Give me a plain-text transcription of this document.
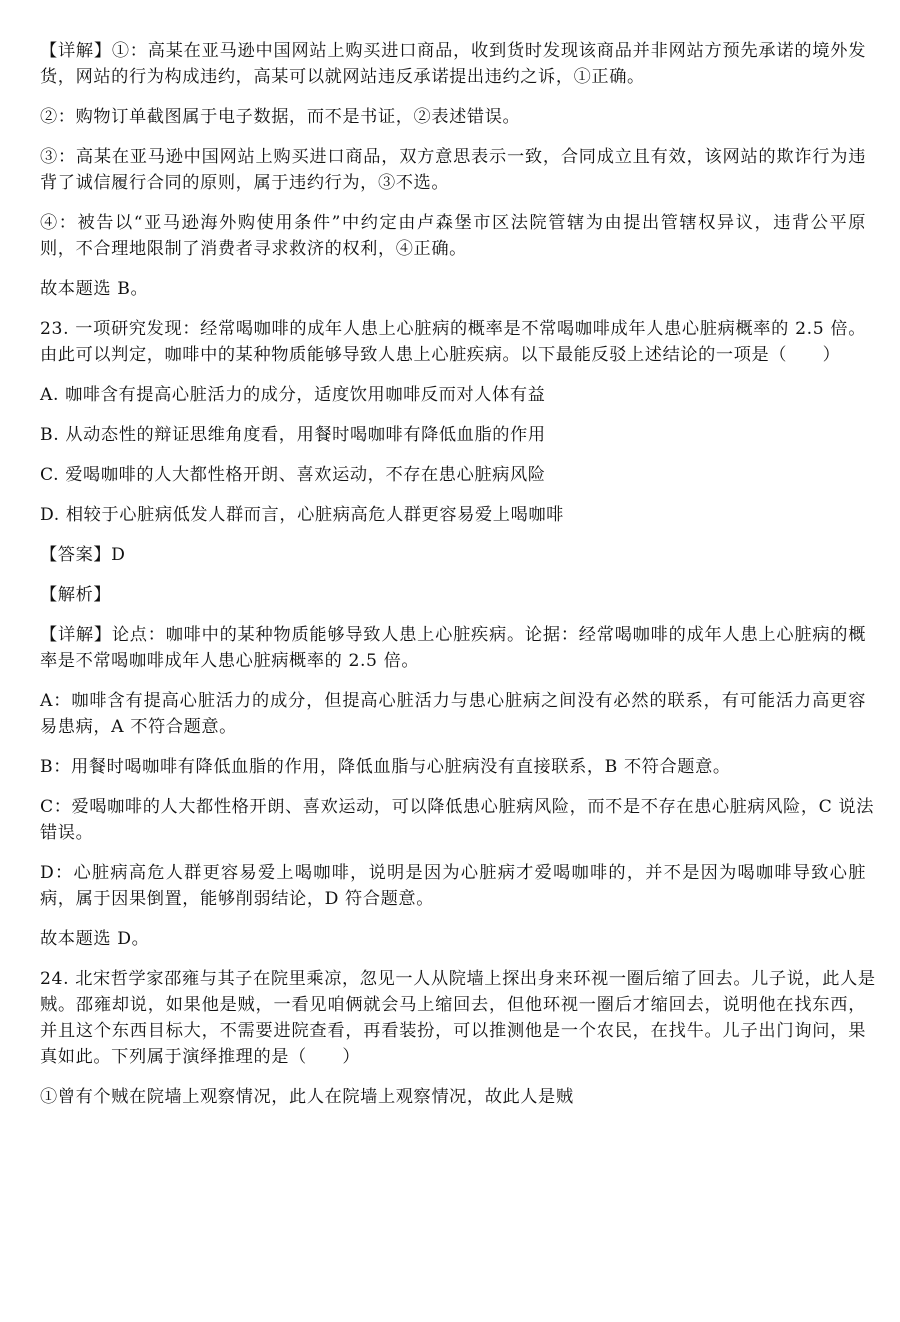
【详解】①：高某在亚马逊中国网站上购买进口商品，收到货时发现该商品并非网站方预先承诺的境外发
货，网站的行为构成违约，高某可以就网站违反承诺提出违约之诉，①正确。
②：购物订单截图属于电子数据，而不是书证，②表述错误。
③：高某在亚马逊中国网站上购买进口商品，双方意思表示一致，合同成立且有效，该网站的欺诈行为违
背了诚信履行合同的原则，属于违约行为，③不选。
④：被告以“亚马逊海外购使用条件”中约定由卢森堡市区法院管辖为由提出管辖权异议，违背公平原
则，不合理地限制了消费者寻求救济的权利，④正确。
故本题选 B。
23. 一项研究发现：经常喝咖啡的成年人患上心脏病的概率是不常喝咖啡成年人患心脏病概率的 2.5 倍。
由此可以判定，咖啡中的某种物质能够导致人患上心脏疾病。以下最能反驳上述结论的一项是（　　）
A. 咖啡含有提高心脏活力的成分，适度饮用咖啡反而对人体有益
B. 从动态性的辩证思维角度看，用餐时喝咖啡有降低血脂的作用
C. 爱喝咖啡的人大都性格开朗、喜欢运动，不存在患心脏病风险
D. 相较于心脏病低发人群而言，心脏病高危人群更容易爱上喝咖啡
【答案】D
【解析】
【详解】论点：咖啡中的某种物质能够导致人患上心脏疾病。论据：经常喝咖啡的成年人患上心脏病的概
率是不常喝咖啡成年人患心脏病概率的 2.5 倍。
A：咖啡含有提高心脏活力的成分，但提高心脏活力与患心脏病之间没有必然的联系，有可能活力高更容
易患病，A 不符合题意。
B：用餐时喝咖啡有降低血脂的作用，降低血脂与心脏病没有直接联系，B 不符合题意。
C：爱喝咖啡的人大都性格开朗、喜欢运动，可以降低患心脏病风险，而不是不存在患心脏病风险，C 说法
错误。
D：心脏病高危人群更容易爱上喝咖啡，说明是因为心脏病才爱喝咖啡的，并不是因为喝咖啡导致心脏
病，属于因果倒置，能够削弱结论，D 符合题意。
故本题选 D。
24. 北宋哲学家邵雍与其子在院里乘凉，忽见一人从院墙上探出身来环视一圈后缩了回去。儿子说，此人是
贼。邵雍却说，如果他是贼，一看见咱俩就会马上缩回去，但他环视一圈后才缩回去，说明他在找东西，
并且这个东西目标大，不需要进院查看，再看装扮，可以推测他是一个农民，在找牛。儿子出门询问，果
真如此。下列属于演绎推理的是（　　）
①曾有个贼在院墙上观察情况，此人在院墙上观察情况，故此人是贼
